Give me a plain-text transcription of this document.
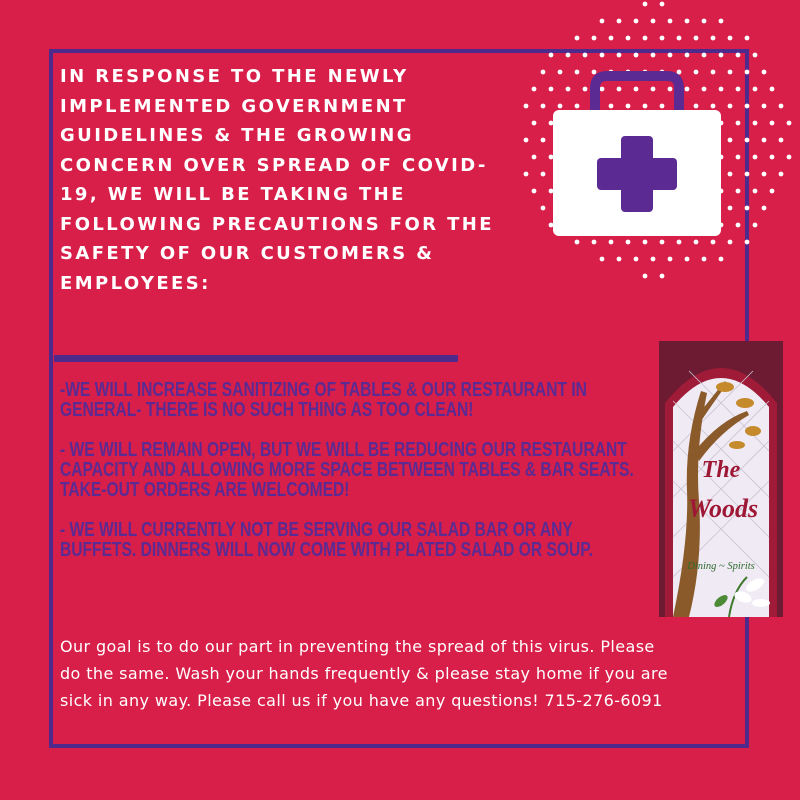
IN RESPONSE TO THE NEWLY IMPLEMENTED GOVERNMENT GUIDELINES & THE GROWING CONCERN OVER SPREAD OF COVID-19, WE WILL BE TAKING THE FOLLOWING PRECAUTIONS FOR THE SAFETY OF OUR CUSTOMERS & EMPLOYEES:

-WE WILL INCREASE SANITIZING OF TABLES & OUR RESTAURANT IN GENERAL- THERE IS NO SUCH THING AS TOO CLEAN!
- WE WILL REMAIN OPEN, BUT WE WILL BE REDUCING OUR RESTAURANT CAPACITY AND ALLOWING MORE SPACE BETWEEN TABLES & BAR SEATS. TAKE-OUT ORDERS ARE WELCOMED!
- WE WILL CURRENTLY NOT BE SERVING OUR SALAD BAR OR ANY BUFFETS. DINNERS WILL NOW COME WITH PLATED SALAD OR SOUP.
The
Woods
Dining ~ Spirits

Our goal is to do our part in preventing the spread of this virus. Please do the same. Wash your hands frequently & please stay home if you are sick in any way. Please call us if you have any questions! 715-276-6091
